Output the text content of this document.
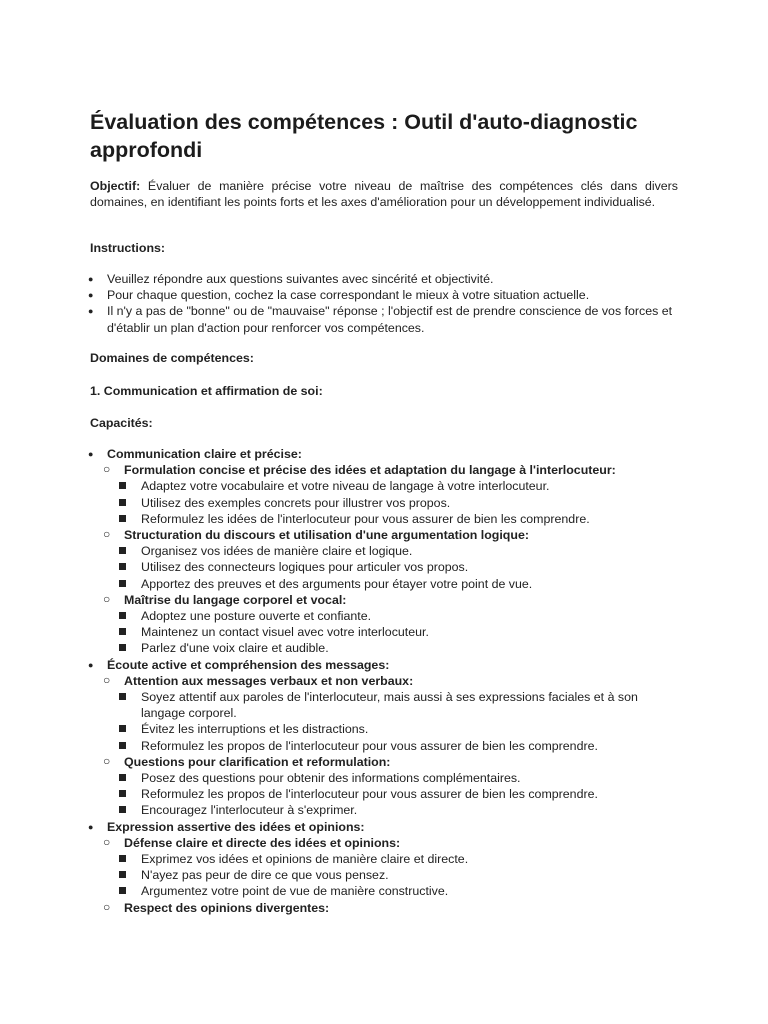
Évaluation des compétences : Outil d'auto-diagnostic approfondi

Objectif: Évaluer de manière précise votre niveau de maîtrise des compétences clés dans divers domaines, en identifiant les points forts et les axes d'amélioration pour un développement individualisé.

Instructions:

● Veuillez répondre aux questions suivantes avec sincérité et objectivité.
● Pour chaque question, cochez la case correspondant le mieux à votre situation actuelle.
● Il n'y a pas de "bonne" ou de "mauvaise" réponse ; l'objectif est de prendre conscience de vos forces et d'établir un plan d'action pour renforcer vos compétences.

Domaines de compétences:

1. Communication et affirmation de soi:

Capacités:

● Communication claire et précise:
○ Formulation concise et précise des idées et adaptation du langage à l'interlocuteur:
Adaptez votre vocabulaire et votre niveau de langage à votre interlocuteur.
Utilisez des exemples concrets pour illustrer vos propos.
Reformulez les idées de l'interlocuteur pour vous assurer de bien les comprendre.
○ Structuration du discours et utilisation d'une argumentation logique:
Organisez vos idées de manière claire et logique.
Utilisez des connecteurs logiques pour articuler vos propos.
Apportez des preuves et des arguments pour étayer votre point de vue.
○ Maîtrise du langage corporel et vocal:
Adoptez une posture ouverte et confiante.
Maintenez un contact visuel avec votre interlocuteur.
Parlez d'une voix claire et audible.
● Écoute active et compréhension des messages:
○ Attention aux messages verbaux et non verbaux:
Soyez attentif aux paroles de l'interlocuteur, mais aussi à ses expressions faciales et à son langage corporel.
Évitez les interruptions et les distractions.
Reformulez les propos de l'interlocuteur pour vous assurer de bien les comprendre.
○ Questions pour clarification et reformulation:
Posez des questions pour obtenir des informations complémentaires.
Reformulez les propos de l'interlocuteur pour vous assurer de bien les comprendre.
Encouragez l'interlocuteur à s'exprimer.
● Expression assertive des idées et opinions:
○ Défense claire et directe des idées et opinions:
Exprimez vos idées et opinions de manière claire et directe.
N'ayez pas peur de dire ce que vous pensez.
Argumentez votre point de vue de manière constructive.
○ Respect des opinions divergentes:
